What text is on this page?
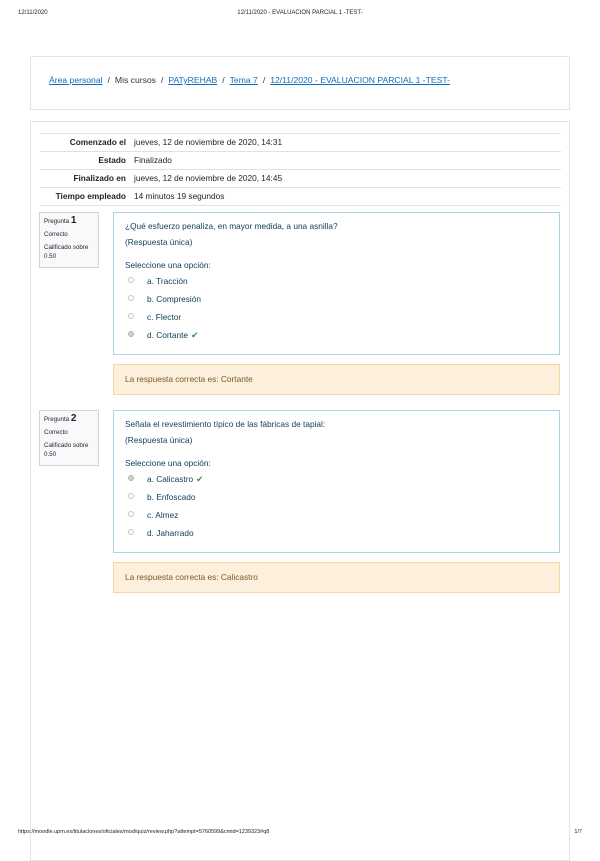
12/11/2020	12/11/2020 - EVALUACION PARCIAL 1 -TEST-
Área personal / Mis cursos / PATyREHAB / Tema 7 / 12/11/2020 - EVALUACION PARCIAL 1 -TEST-
Comenzado el	jueves, 12 de noviembre de 2020, 14:31
Estado	Finalizado
Finalizado en	jueves, 12 de noviembre de 2020, 14:45
Tiempo empleado	14 minutos 19 segundos
Pregunta 1
Correcto
Calificado sobre 0.50
¿Qué esfuerzo penaliza, en mayor medida, a una asnilla?
(Respuesta única)
Seleccione una opción:
a. Tracción
b. Compresión
c. Flector
d. Cortante ✔
La respuesta correcta es: Cortante
Pregunta 2
Correcto
Calificado sobre 0.50
Señala el revestimiento típico de las fábricas de tapial:
(Respuesta única)
Seleccione una opción:
a. Calicastro ✔
b. Enfoscado
c. Almez
d. Jaharrado
La respuesta correcta es: Calicastro
https://moodle.upm.es/titulaciones/oficiales/mod/quiz/review.php?attempt=5760599&cmid=1239323#q8	1/7
